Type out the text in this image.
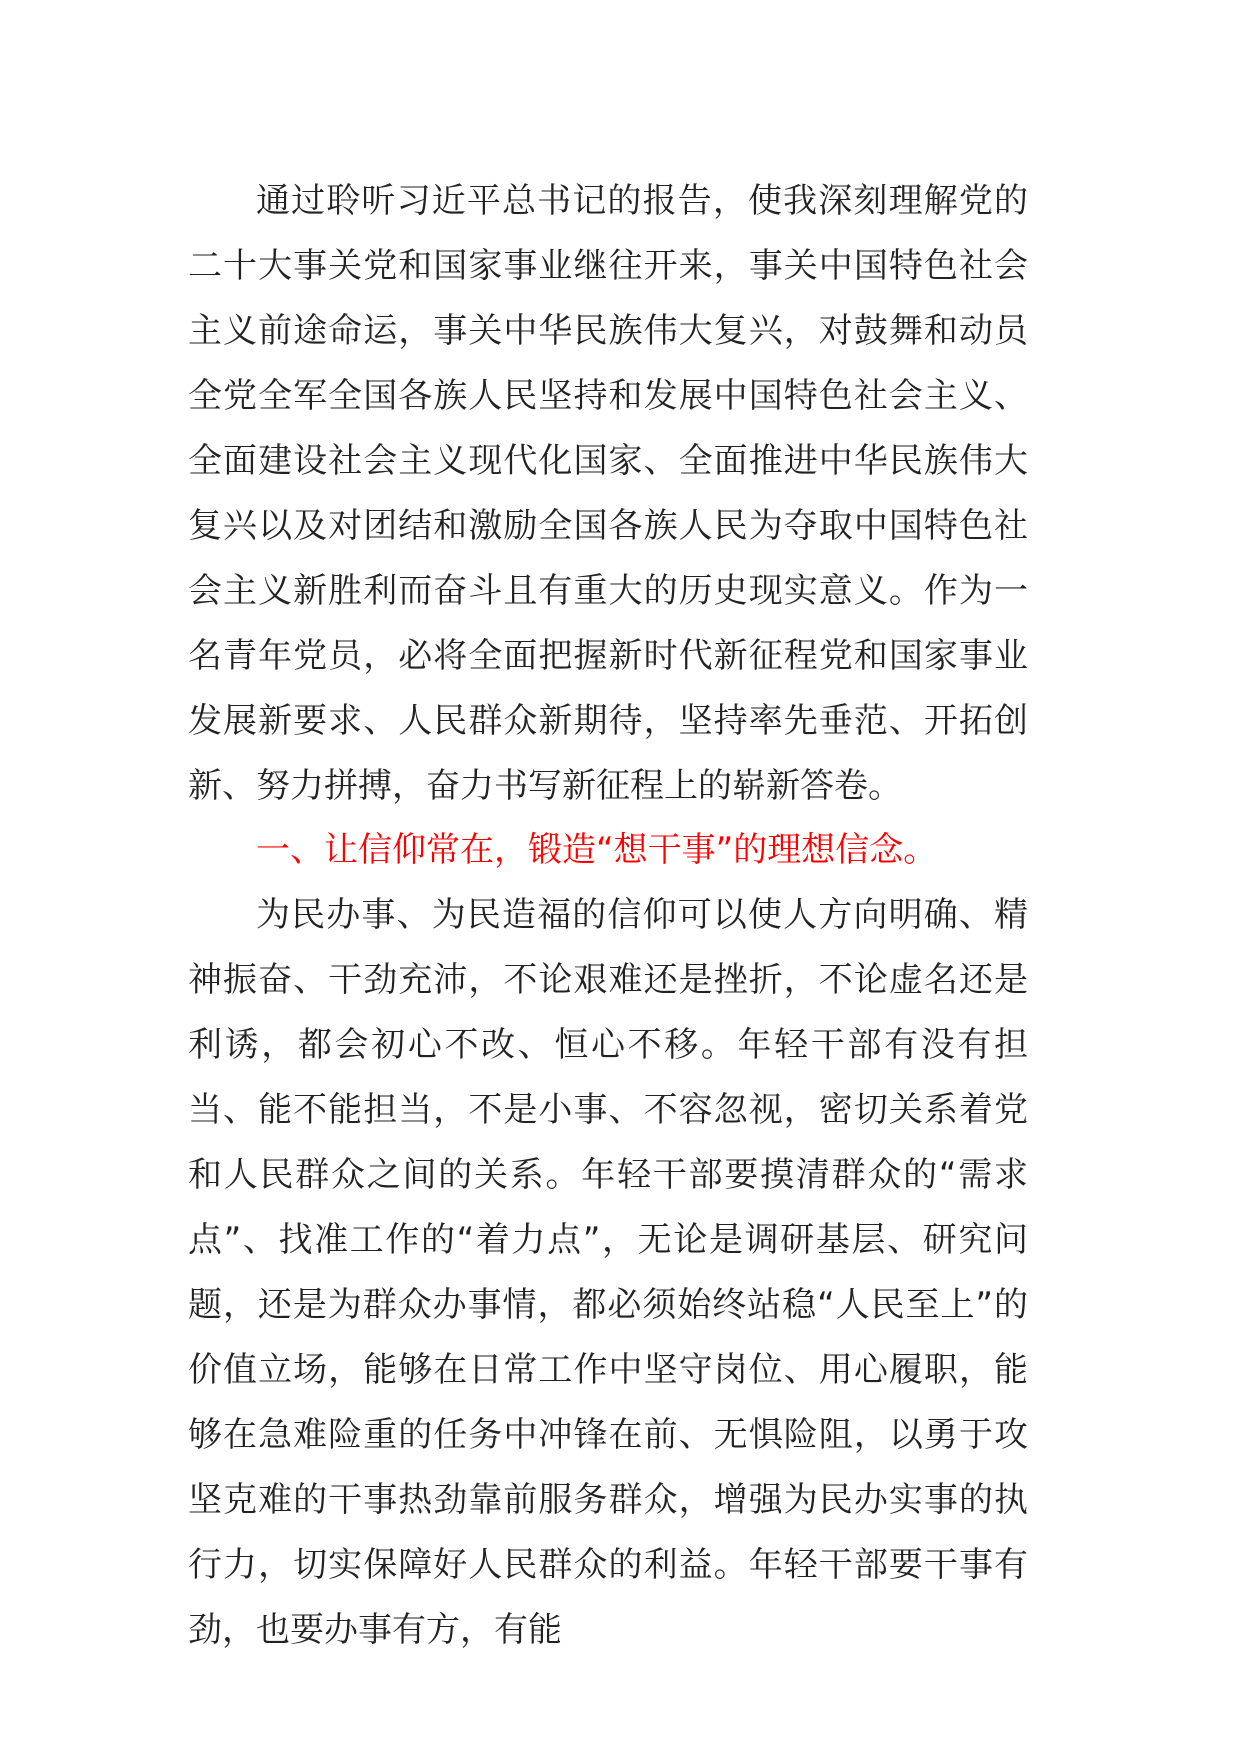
通过聆听习近平总书记的报告，使我深刻理解党的二十大事关党和国家事业继往开来，事关中国特色社会主义前途命运，事关中华民族伟大复兴，对鼓舞和动员全党全军全国各族人民坚持和发展中国特色社会主义、全面建设社会主义现代化国家、全面推进中华民族伟大复兴以及对团结和激励全国各族人民为夺取中国特色社会主义新胜利而奋斗且有重大的历史现实意义。作为一名青年党员，必将全面把握新时代新征程党和国家事业发展新要求、人民群众新期待，坚持率先垂范、开拓创新、努力拼搏，奋力书写新征程上的崭新答卷。

一、让信仰常在，锻造“想干事”的理想信念。

为民办事、为民造福的信仰可以使人方向明确、精神振奋、干劲充沛，不论艰难还是挫折，不论虚名还是利诱，都会初心不改、恒心不移。年轻干部有没有担当、能不能担当，不是小事、不容忽视，密切关系着党和人民群众之间的关系。年轻干部要摸清群众的“需求点”、找准工作的“着力点”，无论是调研基层、研究问题，还是为群众办事情，都必须始终站稳“人民至上”的价值立场，能够在日常工作中坚守岗位、用心履职，能够在急难险重的任务中冲锋在前、无惧险阻，以勇于攻坚克难的干事热劲靠前服务群众，增强为民办实事的执行力，切实保障好人民群众的利益。年轻干部要干事有劲，也要办事有方，有能
